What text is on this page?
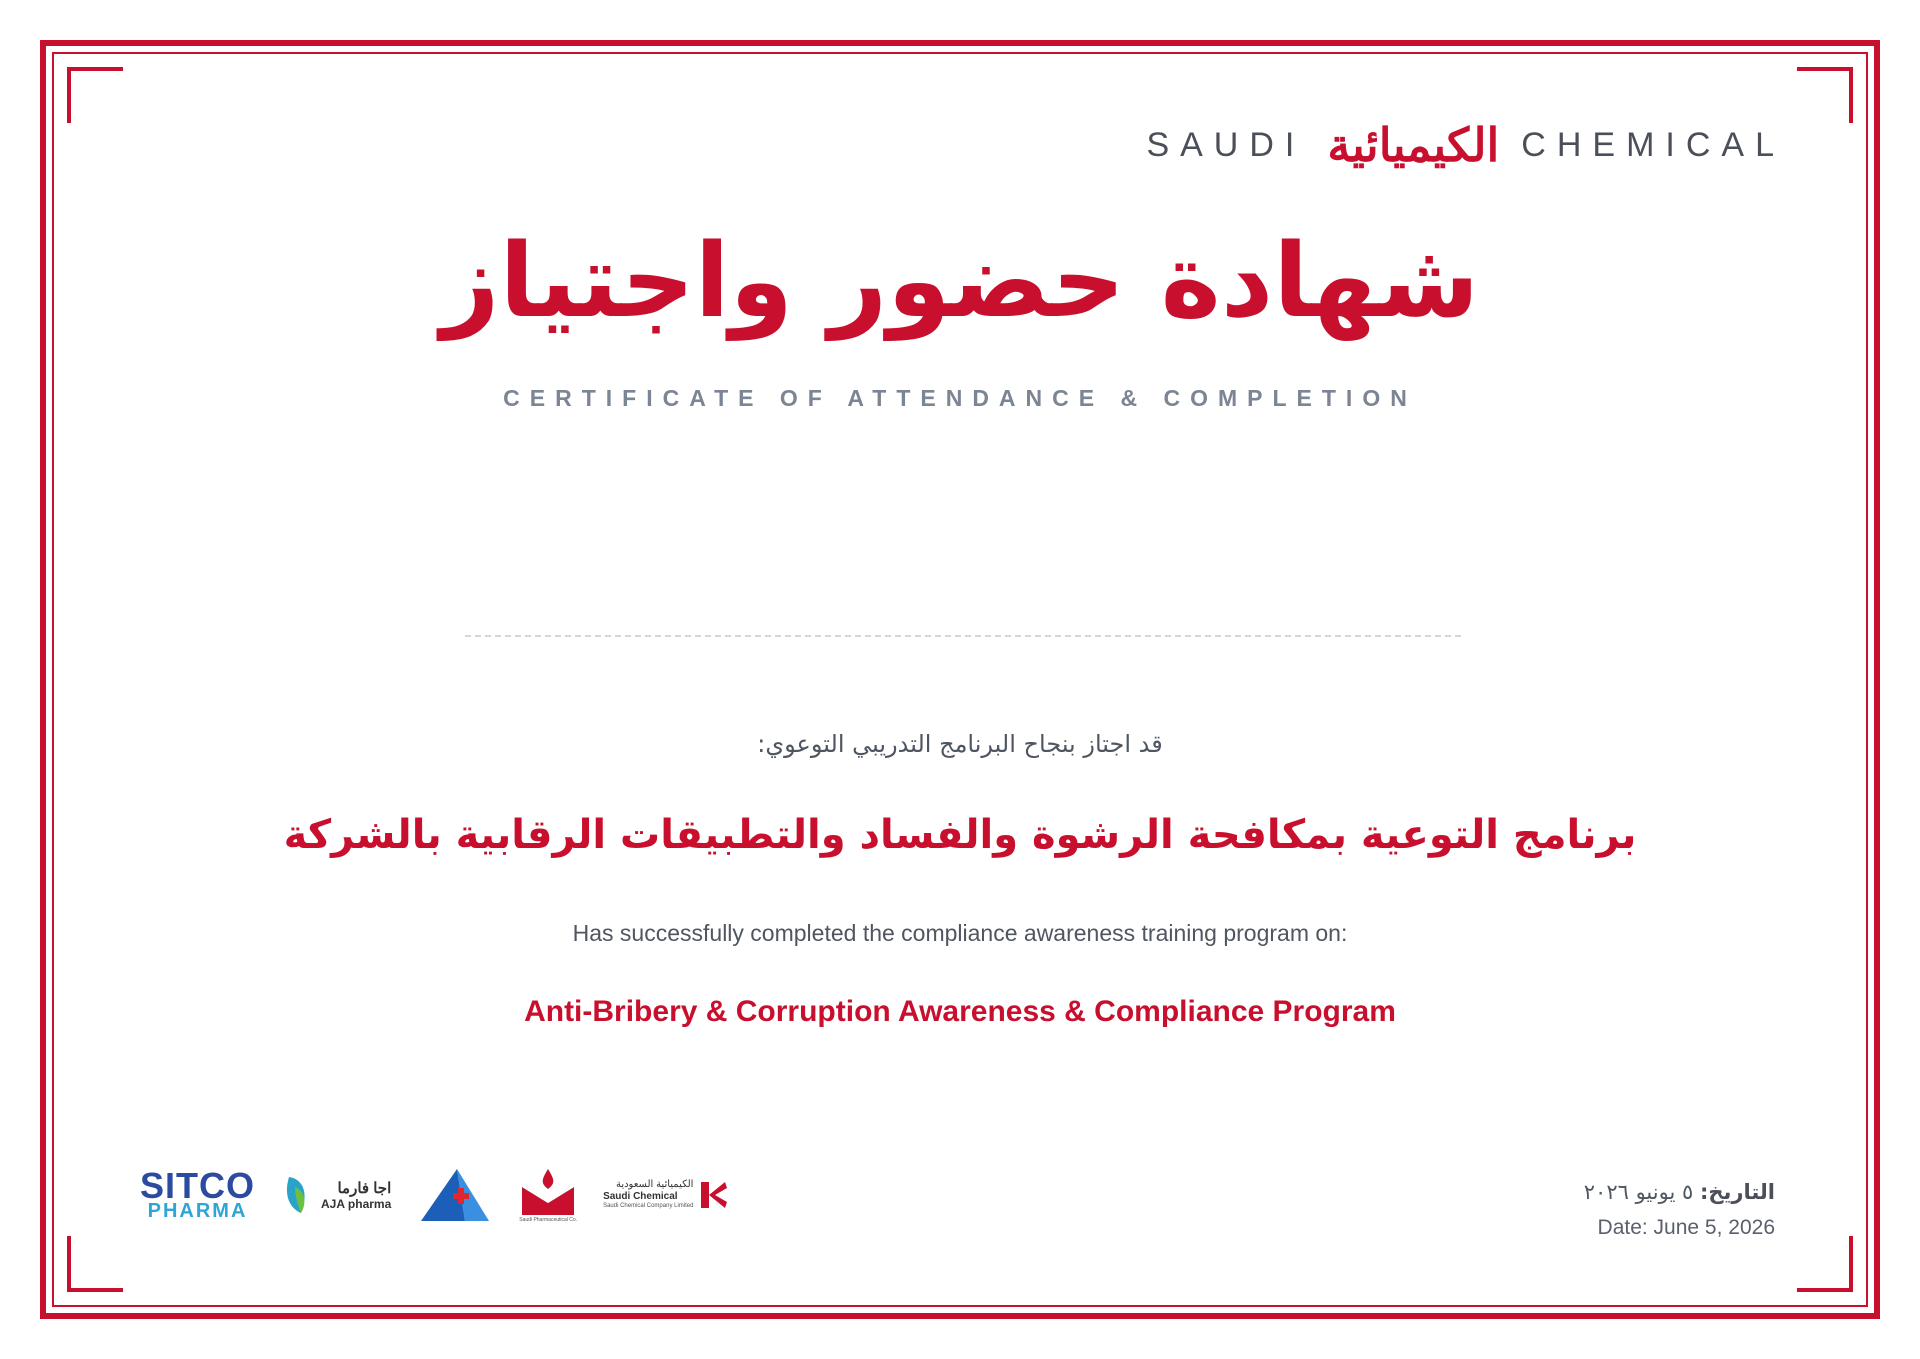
SAUDI الكيميائية CHEMICAL
شهادة حضور واجتياز
CERTIFICATE OF ATTENDANCE & COMPLETION
قد اجتاز بنجاح البرنامج التدريبي التوعوي:
برنامج التوعية بمكافحة الرشوة والفساد والتطبيقات الرقابية بالشركة
Has successfully completed the compliance awareness training program on:
Anti-Bribery & Corruption Awareness & Compliance Program
SITCO
PHARMA
اجا فارما
AJA pharma
Saudi Pharmaceutical Co.
الكيميائية السعودية
Saudi Chemical
Saudi Chemical Company Limited
التاريخ: ٥ يونيو ٢٠٢٦
Date: June 5, 2026
